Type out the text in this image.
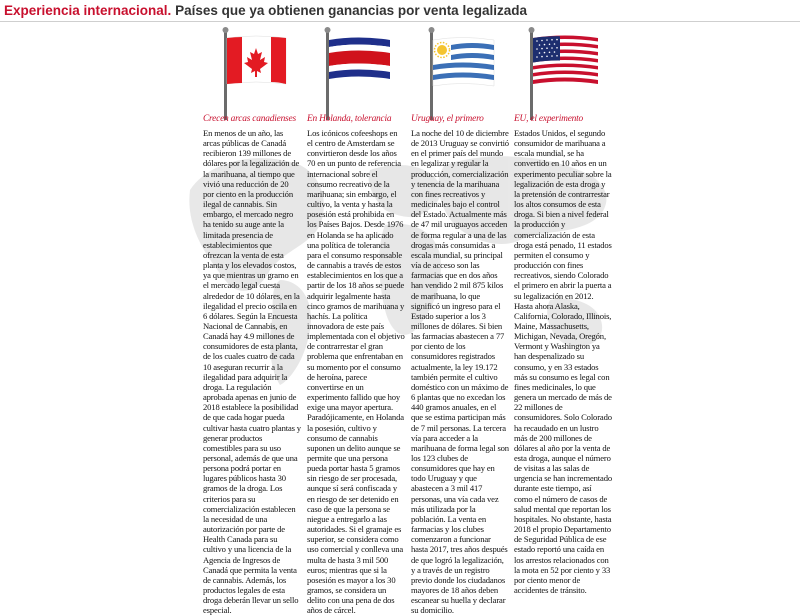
Experiencia internacional. Países que ya obtienen ganancias por venta legalizada
Crecen arcas canadienses
En menos de un año, las arcas públicas de Canadá recibieron 139 millones de dólares por la legalización de la marihuana, al tiempo que vivió una reducción de 20 por ciento en la producción ilegal de cannabis. Sin embargo, el mercado negro ha tenido su auge ante la limitada presencia de establecimientos que ofrezcan la venta de esta planta y los elevados costos, ya que mientras un gramo en el mercado legal cuesta alrededor de 10 dólares, en la ilegalidad el precio oscila en 6 dólares. Según la Encuesta Nacional de Cannabis, en Canadá hay 4.9 millones de consumidores de esta planta, de los cuales cuatro de cada 10 aseguran recurrir a la ilegalidad para adquirir la droga. La regulación aprobada apenas en junio de 2018 establece la posibilidad de que cada hogar pueda cultivar hasta cuatro plantas y generar productos comestibles para su uso personal, además de que una persona podrá portar en lugares públicos hasta 30 gramos de la droga. Los criterios para su comercialización establecen la necesidad de una autorización por parte de Health Canada para su cultivo y una licencia de la Agencia de Ingresos de Canadá que permita la venta de cannabis. Además, los productos legales de esta droga deberán llevar un sello especial.
En Holanda, tolerancia
Los icónicos cofeeshops en el centro de Amsterdam se convirtieron desde los años 70 en un punto de referencia internacional sobre el consumo recreativo de la marihuana; sin embargo, el cultivo, la venta y hasta la posesión está prohibida en los Países Bajos. Desde 1976 en Holanda se ha aplicado una política de tolerancia para el consumo responsable de cannabis a través de estos establecimientos en los que a partir de los 18 años se puede adquirir legalmente hasta cinco gramos de marihuana y hachís. La política innovadora de este país implementada con el objetivo de contrarrestar el gran problema que enfrentaban en su momento por el consumo de heroína, parece convertirse en un experimento fallido que hoy exige una mayor apertura. Paradójicamente, en Holanda la posesión, cultivo y consumo de cannabis suponen un delito aunque se permite que una persona pueda portar hasta 5 gramos sin riesgo de ser procesada, aunque sí será confiscada y en riesgo de ser detenido en caso de que la persona se niegue a entregarlo a las autoridades. Si el gramaje es superior, se considera como uso comercial y conlleva una multa de hasta 3 mil 500 euros; mientras que si la posesión es mayor a los 30 gramos, se considera un delito con una pena de dos años de cárcel.
Uruguay, el primero
La noche del 10 de diciembre de 2013 Uruguay se convirtió en el primer país del mundo en legalizar y regular la producción, comercialización y tenencia de la marihuana con fines recreativos y medicinales bajo el control del Estado. Actualmente más de 47 mil uruguayos acceden de forma regular a una de las drogas más consumidas a escala mundial, su principal vía de acceso son las farmacias que en dos años han vendido 2 mil 875 kilos de marihuana, lo que significó un ingreso para el Estado superior a los 3 millones de dólares. Si bien las farmacias abastecen a 77 por ciento de los consumidores registrados actualmente, la ley 19.172 también permite el cultivo doméstico con un máximo de 6 plantas que no excedan los 440 gramos anuales, en el que se estima participan más de 7 mil personas. La tercera vía para acceder a la marihuana de forma legal son los 123 clubes de consumidores que hay en todo Uruguay y que abastecen a 3 mil 417 personas, una vía cada vez más utilizada por la población. La venta en farmacias y los clubes comenzaron a funcionar hasta 2017, tres años después de que logró la legalización, y a través de un registro previo donde los ciudadanos mayores de 18 años deben escanear su huella y declarar su domicilio.
EU, el experimento
Estados Unidos, el segundo consumidor de marihuana a escala mundial, se ha convertido en 10 años en un experimento peculiar sobre la legalización de esta droga y la pretensión de contrarrestar los altos consumos de esta droga. Si bien a nivel federal la producción y comercialización de esta droga está penado, 11 estados permiten el consumo y producción con fines recreativos, siendo Colorado el primero en abrir la puerta a su legalización en 2012. Hasta ahora Alaska, California, Colorado, Illinois, Maine, Massachusetts, Michigan, Nevada, Oregón, Vermont y Washington ya han despenalizado su consumo, y en 33 estados más su consumo es legal con fines medicinales, lo que genera un mercado de más de 22 millones de consumidores. Solo Colorado ha recaudado en un lustro más de 200 millones de dólares al año por la venta de esta droga, aunque el número de visitas a las salas de urgencia se han incrementado durante este tiempo, así como el número de casos de salud mental que reportan los hospitales. No obstante, hasta 2018 el propio Departamento de Seguridad Pública de ese estado reportó una caída en los arrestos relacionados con la mota en 52 por ciento y 33 por ciento menor de accidentes de tránsito.
